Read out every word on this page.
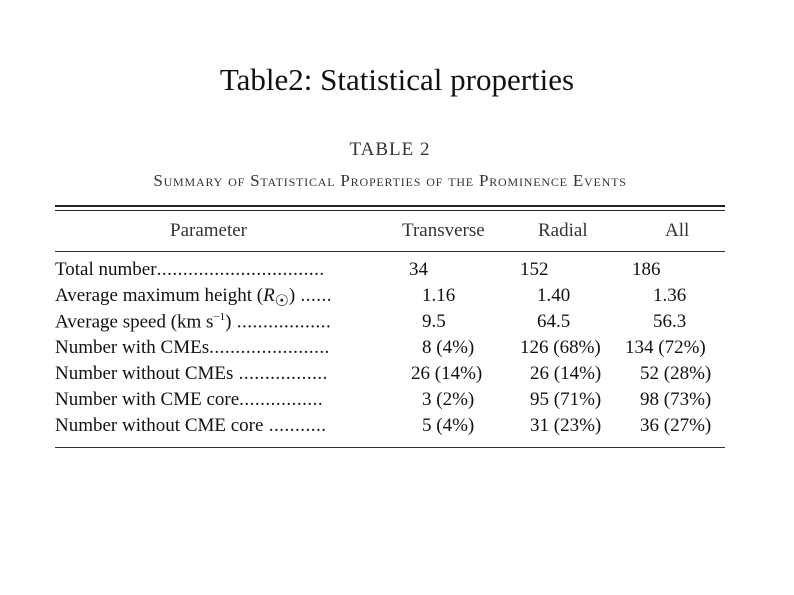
Table2: Statistical properties
TABLE 2
Summary of Statistical Properties of the Prominence Events
Parameter	Transverse	Radial	All
Total number................................	34	152	186
Average maximum height $(R_☉)$ ......	1.16	1.40	1.36
Average speed (km $s^{-1}$) ..................	9.5	64.5	56.3
Number with CMEs.......................	8 (4%)	126 (68%)	134 (72%)
Number without CMEs .................	26 (14%)	26 (14%)	52 (28%)
Number with CME core................	3 (2%)	95 (71%)	98 (73%)
Number without CME core ...........	5 (4%)	31 (23%)	36 (27%)
